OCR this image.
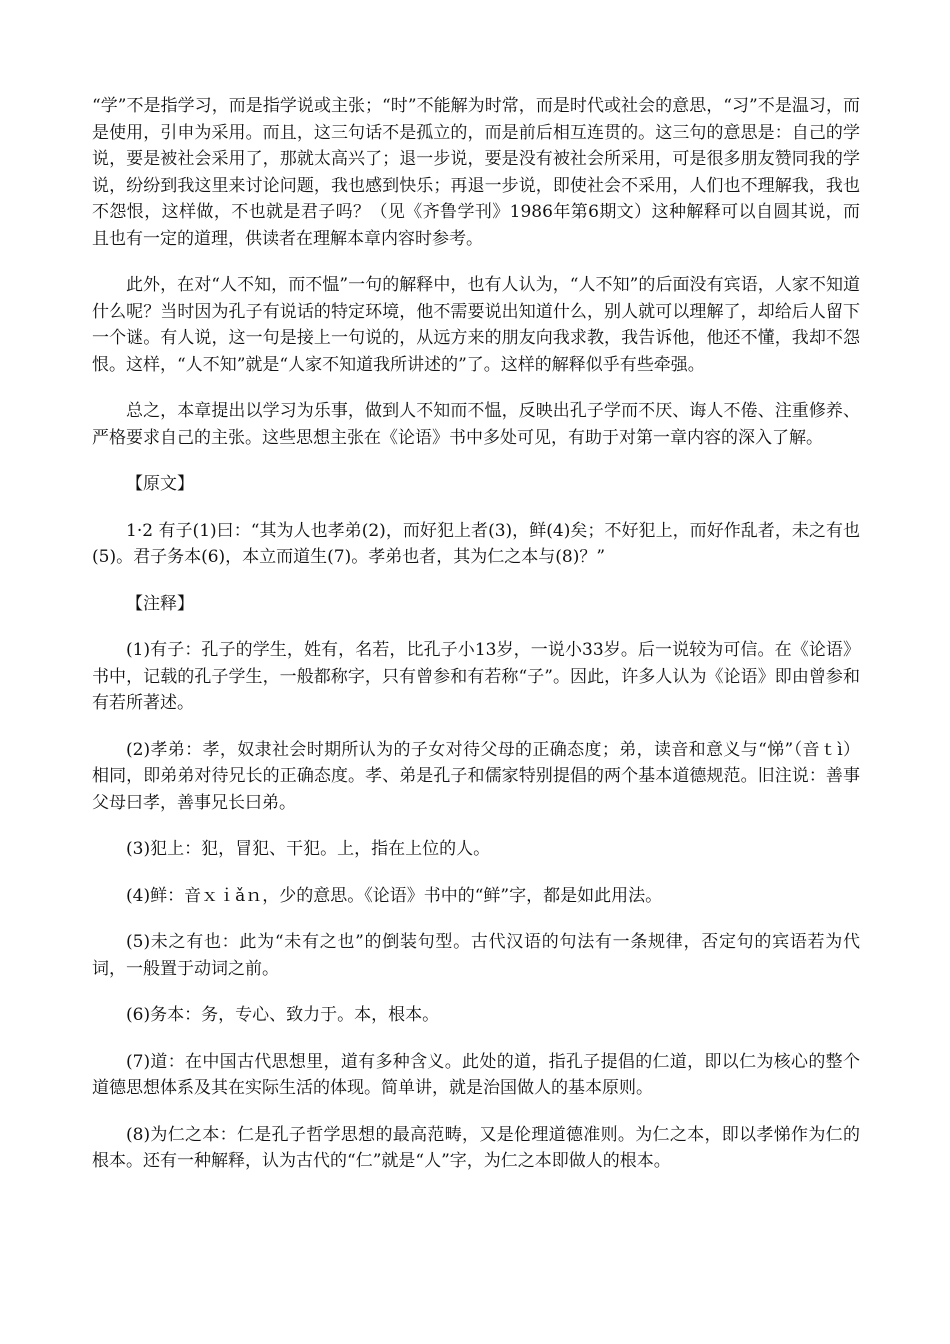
“学”不是指学习，而是指学说或主张；“时”不能解为时常，而是时代或社会的意思，“习”不是温习，而是使用，引申为采用。而且，这三句话不是孤立的，而是前后相互连贯的。这三句的意思是：自己的学说，要是被社会采用了，那就太高兴了；退一步说，要是没有被社会所采用，可是很多朋友赞同我的学说，纷纷到我这里来讨论问题，我也感到快乐；再退一步说，即使社会不采用，人们也不理解我，我也不怨恨，这样做，不也就是君子吗？（见《齐鲁学刊》1986年第6期文）这种解释可以自圆其说，而且也有一定的道理，供读者在理解本章内容时参考。

此外，在对“人不知，而不愠”一句的解释中，也有人认为，“人不知”的后面没有宾语，人家不知道什么呢？当时因为孔子有说话的特定环境，他不需要说出知道什么，别人就可以理解了，却给后人留下一个谜。有人说，这一句是接上一句说的，从远方来的朋友向我求教，我告诉他，他还不懂，我却不怨恨。这样，“人不知”就是“人家不知道我所讲述的”了。这样的解释似乎有些牵强。

总之，本章提出以学习为乐事，做到人不知而不愠，反映出孔子学而不厌、诲人不倦、注重修养、严格要求自己的主张。这些思想主张在《论语》书中多处可见，有助于对第一章内容的深入了解。

【原文】

1·2 有子(1)曰：“其为人也孝弟(2)，而好犯上者(3)，鲜(4)矣；不好犯上，而好作乱者，未之有也(5)。君子务本(6)，本立而道生(7)。孝弟也者，其为仁之本与(8)？”

【注释】

(1)有子：孔子的学生，姓有，名若，比孔子小13岁，一说小33岁。后一说较为可信。在《论语》书中，记载的孔子学生，一般都称字，只有曾参和有若称“子”。因此，许多人认为《论语》即由曾参和有若所著述。

(2)孝弟：孝，奴隶社会时期所认为的子女对待父母的正确态度；弟，读音和意义与“悌”（音ｔì）相同，即弟弟对待兄长的正确态度。孝、弟是孔子和儒家特别提倡的两个基本道德规范。旧注说：善事父母曰孝，善事兄长曰弟。

(3)犯上：犯，冒犯、干犯。上，指在上位的人。

(4)鲜：音ｘｉǎｎ，少的意思。《论语》书中的“鲜”字，都是如此用法。

(5)未之有也：此为“未有之也”的倒装句型。古代汉语的句法有一条规律，否定句的宾语若为代词，一般置于动词之前。

(6)务本：务，专心、致力于。本，根本。

(7)道：在中国古代思想里，道有多种含义。此处的道，指孔子提倡的仁道，即以仁为核心的整个道德思想体系及其在实际生活的体现。简单讲，就是治国做人的基本原则。

(8)为仁之本：仁是孔子哲学思想的最高范畴，又是伦理道德准则。为仁之本，即以孝悌作为仁的根本。还有一种解释，认为古代的“仁”就是“人”字，为仁之本即做人的根本。
